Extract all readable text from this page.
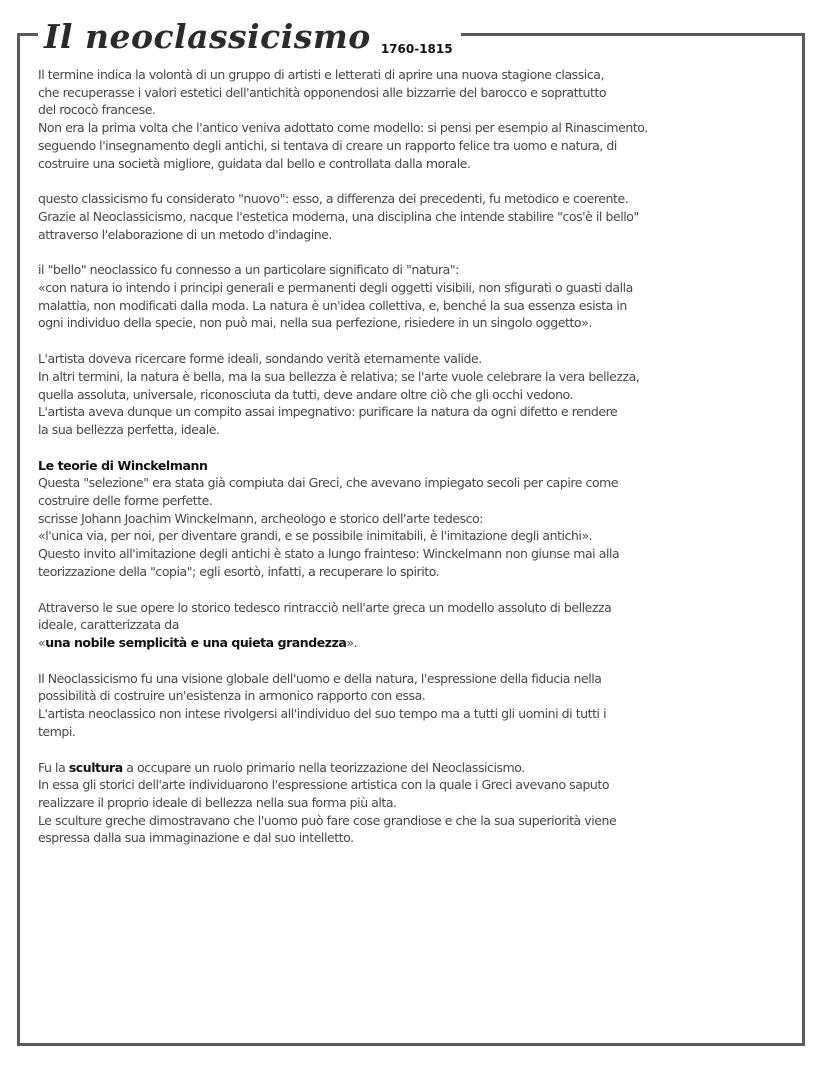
Il neoclassicismo 1760-1815
Il termine indica la volontà di un gruppo di artisti e letterati di aprire una nuova stagione classica,
che recuperasse i valori estetici dell'antichità opponendosi alle bizzarrie del barocco e soprattutto
del rococò francese.
Non era la prima volta che l'antico veniva adottato come modello: si pensi per esempio al Rinascimento.
seguendo l'insegnamento degli antichi, si tentava di creare un rapporto felice tra uomo e natura, di
costruire una società migliore, guidata dal bello e controllata dalla morale.
questo classicismo fu considerato "nuovo": esso, a differenza dei precedenti, fu metodico e coerente.
Grazie al Neoclassicismo, nacque l'estetica moderna, una disciplina che intende stabilire "cos'è il bello"
attraverso l'elaborazione di un metodo d'indagine.
il "bello" neoclassico fu connesso a un particolare significato di "natura":
«con natura io intendo i principi generali e permanenti degli oggetti visibili, non sfigurati o guasti dalla
malattia, non modificati dalla moda. La natura è un'idea collettiva, e, benché la sua essenza esista in
ogni individuo della specie, non può mai, nella sua perfezione, risiedere in un singolo oggetto».
L'artista doveva ricercare forme ideali, sondando verità eternamente valide.
In altri termini, la natura è bella, ma la sua bellezza è relativa; se l'arte vuole celebrare la vera bellezza,
quella assoluta, universale, riconosciuta da tutti, deve andare oltre ciò che gli occhi vedono.
L'artista aveva dunque un compito assai impegnativo: purificare la natura da ogni difetto e rendere
la sua bellezza perfetta, ideale.
Le teorie di Winckelmann
Questa "selezione" era stata già compiuta dai Greci, che avevano impiegato secoli per capire come
costruire delle forme perfette.
scrisse Johann Joachim Winckelmann, archeologo e storico dell'arte tedesco:
«l'unica via, per noi, per diventare grandi, e se possibile inimitabili, è l'imitazione degli antichi».
Questo invito all'imitazione degli antichi è stato a lungo frainteso: Winckelmann non giunse mai alla
teorizzazione della "copia"; egli esortò, infatti, a recuperare lo spirito.
Attraverso le sue opere lo storico tedesco rintracciò nell'arte greca un modello assoluto di bellezza
ideale, caratterizzata da
«una nobile semplicità e una quieta grandezza».
Il Neoclassicismo fu una visione globale dell'uomo e della natura, l'espressione della fiducia nella
possibilità di costruire un'esistenza in armonico rapporto con essa.
L'artista neoclassico non intese rivolgersi all'individuo del suo tempo ma a tutti gli uomini di tutti i
tempi.
Fu la scultura a occupare un ruolo primario nella teorizzazione del Neoclassicismo.
In essa gli storici dell'arte individuarono l'espressione artistica con la quale i Greci avevano saputo
realizzare il proprio ideale di bellezza nella sua forma più alta.
Le sculture greche dimostravano che l'uomo può fare cose grandiose e che la sua superiorità viene
espressa dalla sua immaginazione e dal suo intelletto.
